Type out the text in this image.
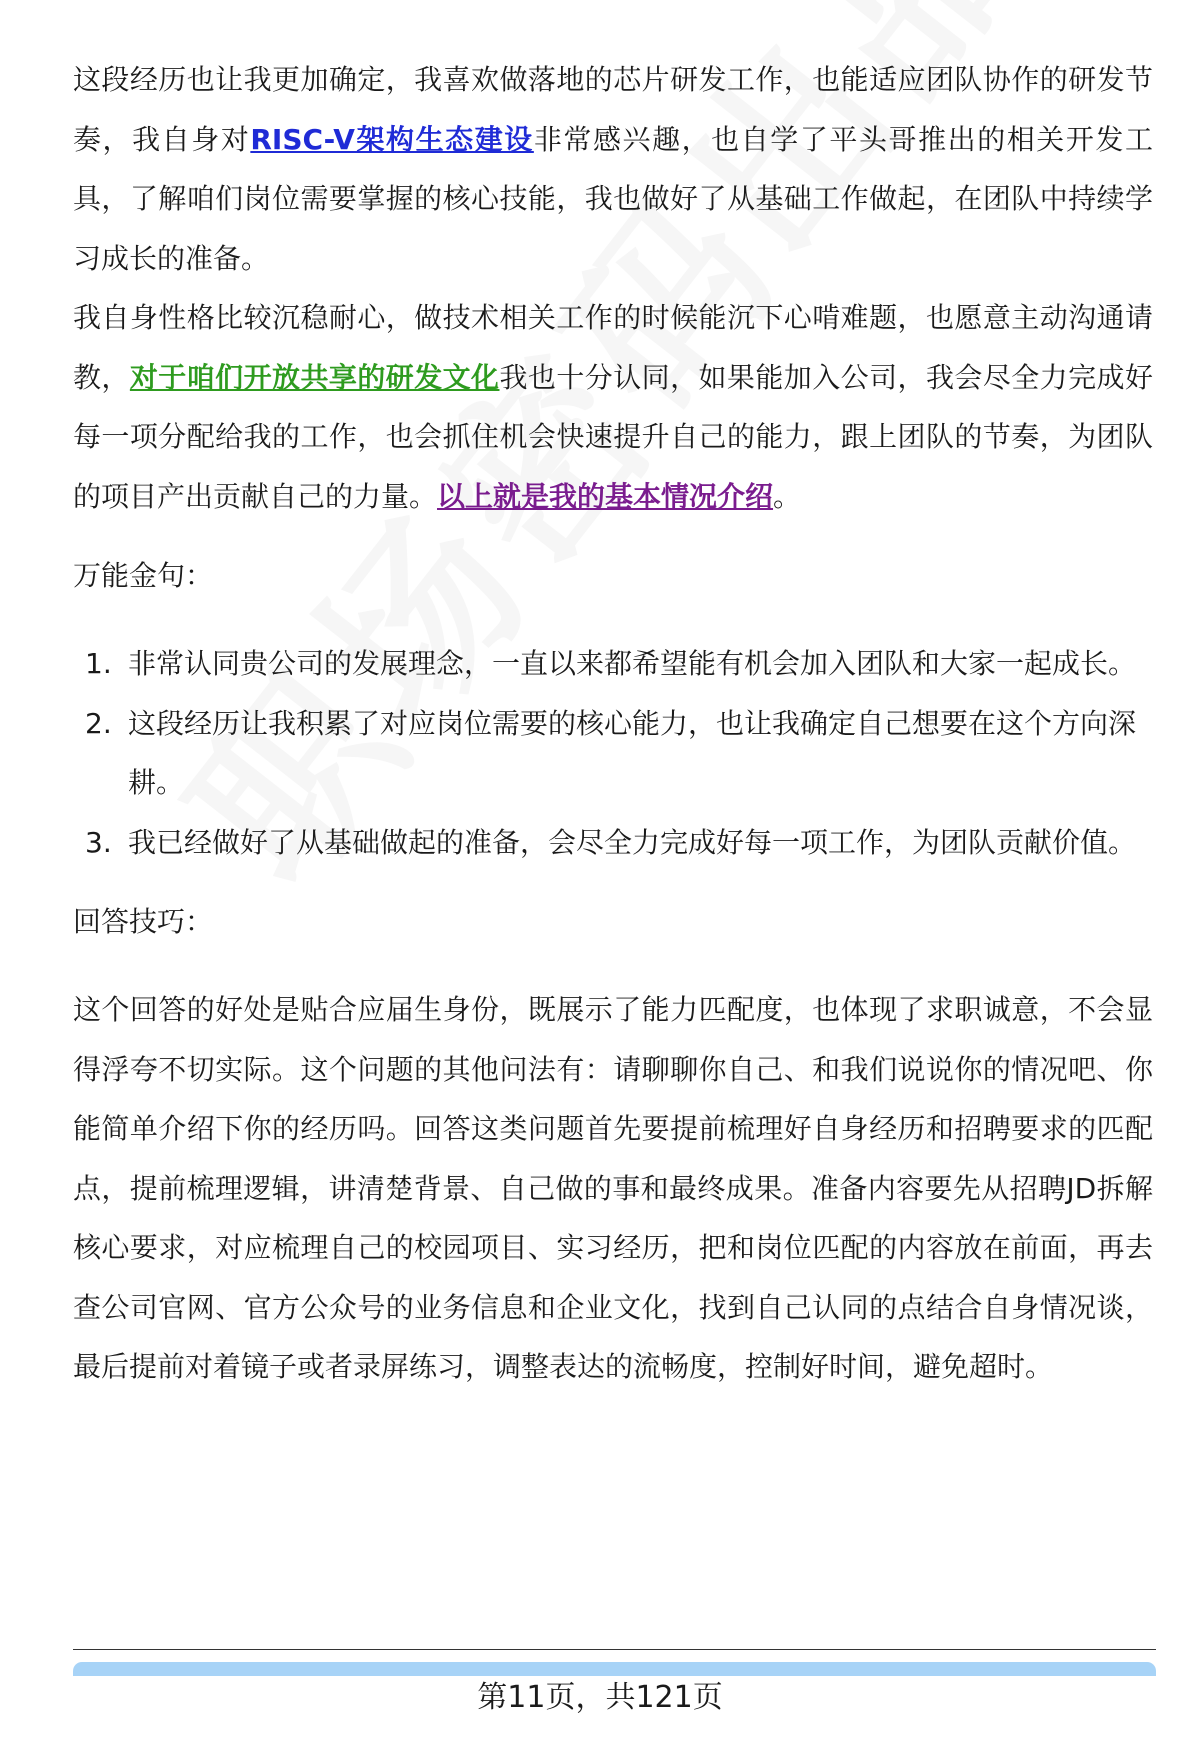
这段经历也让我更加确定，我喜欢做落地的芯片研发工作，也能适应团队协作的研发节奏，我自身对RISC-V架构生态建设非常感兴趣，也自学了平头哥推出的相关开发工具，了解咱们岗位需要掌握的核心技能，我也做好了从基础工作做起，在团队中持续学习成长的准备。

我自身性格比较沉稳耐心，做技术相关工作的时候能沉下心啃难题，也愿意主动沟通请教，对于咱们开放共享的研发文化我也十分认同，如果能加入公司，我会尽全力完成好每一项分配给我的工作，也会抓住机会快速提升自己的能力，跟上团队的节奏，为团队的项目产出贡献自己的力量。以上就是我的基本情况介绍。

万能金句：

1. 非常认同贵公司的发展理念，一直以来都希望能有机会加入团队和大家一起成长。
2. 这段经历让我积累了对应岗位需要的核心能力，也让我确定自己想要在这个方向深耕。
3. 我已经做好了从基础做起的准备，会尽全力完成好每一项工作，为团队贡献价值。

回答技巧：

这个回答的好处是贴合应届生身份，既展示了能力匹配度，也体现了求职诚意，不会显得浮夸不切实际。这个问题的其他问法有：请聊聊你自己、和我们说说你的情况吧、你能简单介绍下你的经历吗。回答这类问题首先要提前梳理好自身经历和招聘要求的匹配点，提前梳理逻辑，讲清楚背景、自己做的事和最终成果。准备内容要先从招聘JD拆解核心要求，对应梳理自己的校园项目、实习经历，把和岗位匹配的内容放在前面，再去查公司官网、官方公众号的业务信息和企业文化，找到自己认同的点结合自身情况谈，最后提前对着镜子或者录屏练习，调整表达的流畅度，控制好时间，避免超时。

第11页，共121页
